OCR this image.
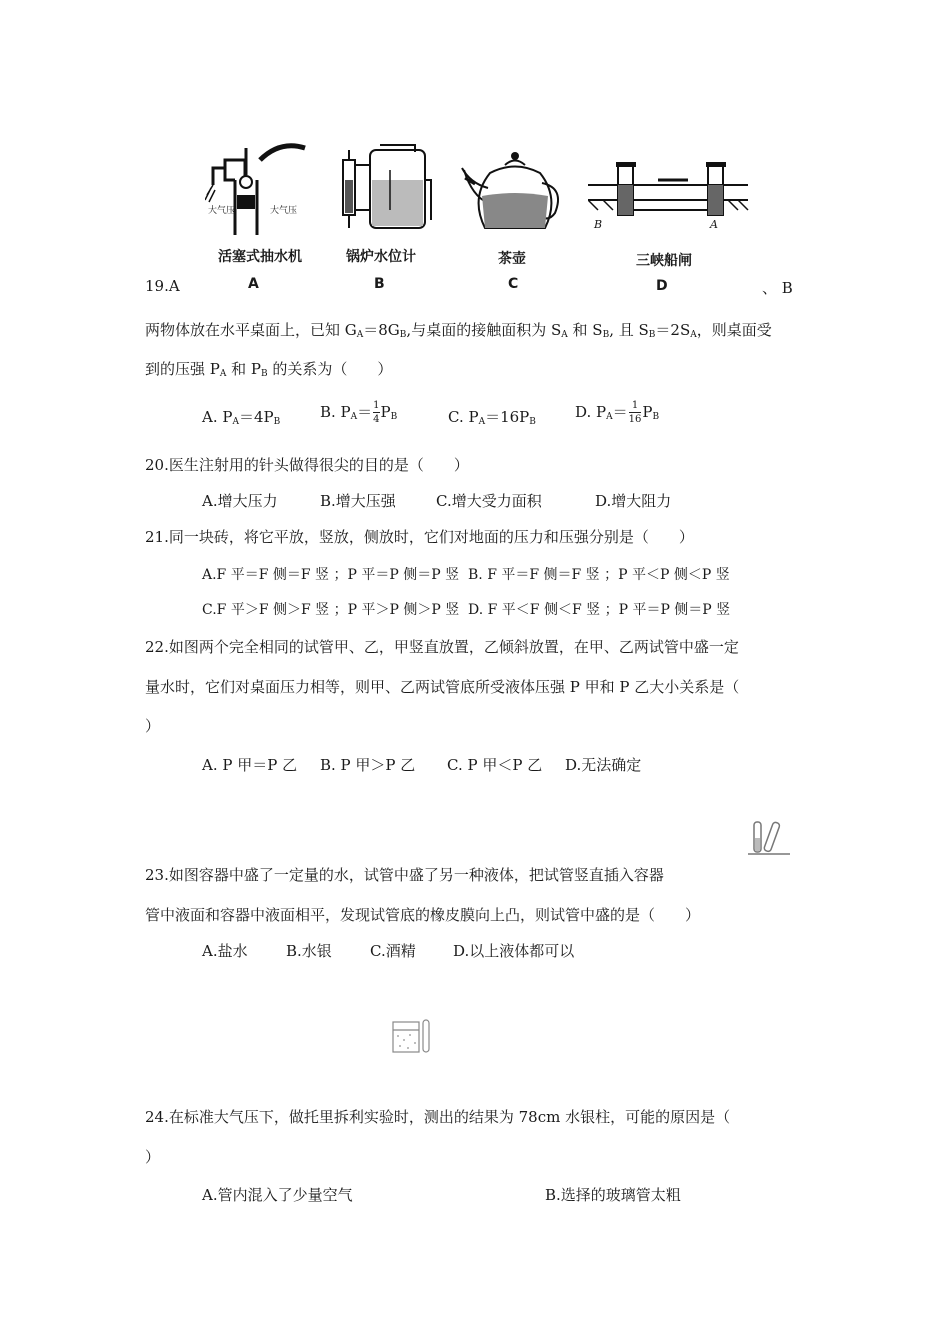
大气压	大气压
B	A
活塞式抽水机	锅炉水位计	茶壶	三峡船闸
A	B	C	D
19.A	、 B
两物体放在水平桌面上，已知 $G_A=8G_B$,与桌面的接触面积为 $S_A$ 和 $S_B$, 且 $S_B=2S_A$，则桌面受
到的压强 $P_A$ 和 $P_B$ 的关系为（　　）
A. $P_A=4P_B$
B. $P_A= \frac{1}{4} P_B$	C. $P_A=16P_B$
D. $P_A= \frac{1}{16} P_B$
20.医生注射用的针头做得很尖的目的是（　　）
A.增大压力	B.增大压强	C.增大受力面积	D.增大阻力
21.同一块砖，将它平放，竖放，侧放时，它们对地面的压力和压强分别是（　　）
A.F 平＝F 侧＝F 竖 ；P 平＝P 侧＝P 竖 B. F 平＝F 侧＝F 竖 ；P 平＜P 侧＜P 竖
C.F 平＞F 侧＞F 竖 ；P 平＞P 侧＞P 竖 D. F 平＜F 侧＜F 竖 ；P 平＝P 侧＝P 竖
22.如图两个完全相同的试管甲、乙，甲竖直放置，乙倾斜放置，在甲、乙两试管中盛一定
量水时，它们对桌面压力相等，则甲、乙两试管底所受液体压强 P 甲和 P 乙大小关系是（
）
A. P 甲＝P 乙 B. P 甲＞P 乙 C. P 甲＜P 乙 D.无法确定
23.如图容器中盛了一定量的水，试管中盛了另一种液体，把试管竖直插入容器
管中液面和容器中液面相平，发现试管底的橡皮膜向上凸，则试管中盛的是（　　）
A.盐水	B.水银	C.酒精 D.以上液体都可以
24.在标准大气压下，做托里拆利实验时，测出的结果为 78cm 水银柱，可能的原因是（
）
A.管内混入了少量空气	B.选择的玻璃管太粗
